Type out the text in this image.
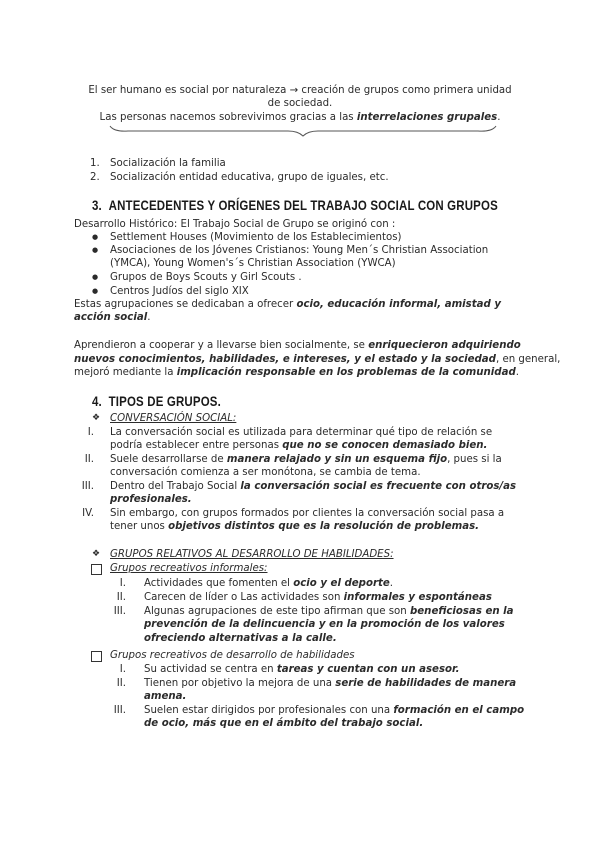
El ser humano es social por naturaleza → creación de grupos como primera unidad
de sociedad.
Las personas nacemos sobrevivimos gracias a las interrelaciones grupales.
1. Socialización la familia
2. Socialización entidad educativa, grupo de iguales, etc.
3. ANTECEDENTES Y ORÍGENES DEL TRABAJO SOCIAL CON GRUPOS
Desarrollo Histórico: El Trabajo Social de Grupo se originó con :
● Settlement Houses (Movimiento de los Establecimientos)
● Asociaciones de los Jóvenes Cristianos: Young Men´s Christian Association
(YMCA), Young Women's´s Christian Association (YWCA)
● Grupos de Boys Scouts y Girl Scouts .
● Centros Judíos del siglo XIX
Estas agrupaciones se dedicaban a ofrecer ocio, educación informal, amistad y
acción social.
Aprendieron a cooperar y a llevarse bien socialmente, se enriquecieron adquiriendo
nuevos conocimientos, habilidades, e intereses, y el estado y la sociedad, en general,
mejoró mediante la implicación responsable en los problemas de la comunidad.
4. TIPOS DE GRUPOS.
❖ CONVERSACIÓN SOCIAL:
I. La conversación social es utilizada para determinar qué tipo de relación se
podría establecer entre personas que no se conocen demasiado bien.
II. Suele desarrollarse de manera relajado y sin un esquema fijo, pues si la
conversación comienza a ser monótona, se cambia de tema.
III. Dentro del Trabajo Social la conversación social es frecuente con otros/as
profesionales.
IV. Sin embargo, con grupos formados por clientes la conversación social pasa a
tener unos objetivos distintos que es la resolución de problemas.
❖ GRUPOS RELATIVOS AL DESARROLLO DE HABILIDADES:
Grupos recreativos informales:
I. Actividades que fomenten el ocio y el deporte.
II. Carecen de líder o Las actividades son informales y espontáneas
III. Algunas agrupaciones de este tipo afirman que son beneficiosas en la
prevención de la delincuencia y en la promoción de los valores
ofreciendo alternativas a la calle.
Grupos recreativos de desarrollo de habilidades
I. Su actividad se centra en tareas y cuentan con un asesor.
II. Tienen por objetivo la mejora de una serie de habilidades de manera
amena.
III. Suelen estar dirigidos por profesionales con una formación en el campo
de ocio, más que en el ámbito del trabajo social.
